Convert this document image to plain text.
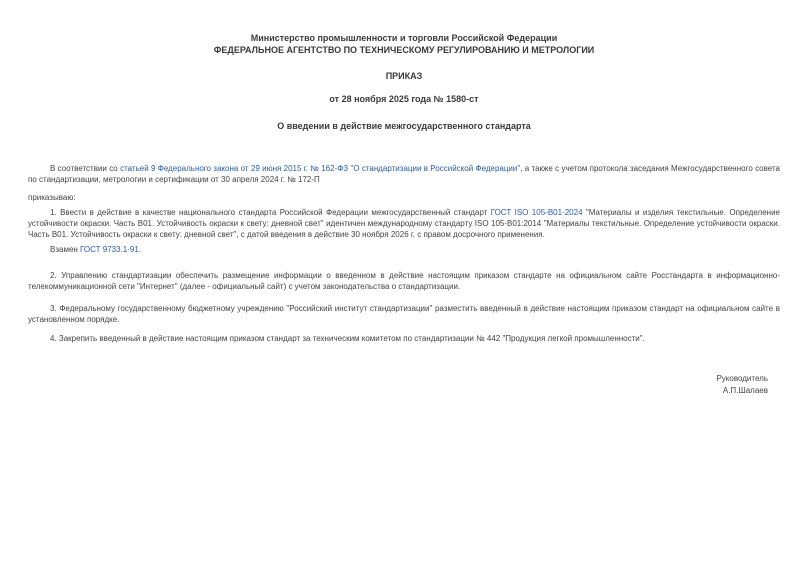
Министерство промышленности и торговли Российской Федерации
ФЕДЕРАЛЬНОЕ АГЕНТСТВО ПО ТЕХНИЧЕСКОМУ РЕГУЛИРОВАНИЮ И МЕТРОЛОГИИ
ПРИКАЗ
от 28 ноября 2025 года № 1580-ст
О введении в действие межгосударственного стандарта

В соответствии со статьей 9 Федерального закона от 29 июня 2015 г. № 162-ФЗ "О стандартизации в Российской Федерации", а также с учетом протокола заседания Межгосударственного совета по стандартизации, метрологии и сертификации от 30 апреля 2024 г. № 172-П

приказываю:

1. Ввести в действие в качестве национального стандарта Российской Федерации межгосударственный стандарт ГОСТ ISO 105-B01-2024 "Материалы и изделия текстильные. Определение устойчивости окраски. Часть B01. Устойчивость окраски к свету: дневной свет" идентичен международному стандарту ISO 105-B01:2014 "Материалы текстильные. Определение устойчивости окраски. Часть B01. Устойчивость окраски к свету: дневной свет", с датой введения в действие 30 ноября 2026 г. с правом досрочного применения.

Взамен ГОСТ 9733.1-91.

2. Управлению стандартизации обеспечить размещение информации о введенном в действие настоящим приказом стандарте на официальном сайте Росстандарта в информационно-телекоммуникационной сети "Интернет" (далее - официальный сайт) с учетом законодательства о стандартизации.

3. Федеральному государственному бюджетному учреждению "Российский институт стандартизации" разместить введенный в действие настоящим приказом стандарт на официальном сайте в установленном порядке.

4. Закрепить введенный в действие настоящим приказом стандарт за техническим комитетом по стандартизации № 442 "Продукция легкой промышленности".

Руководитель
А.П.Шалаев
